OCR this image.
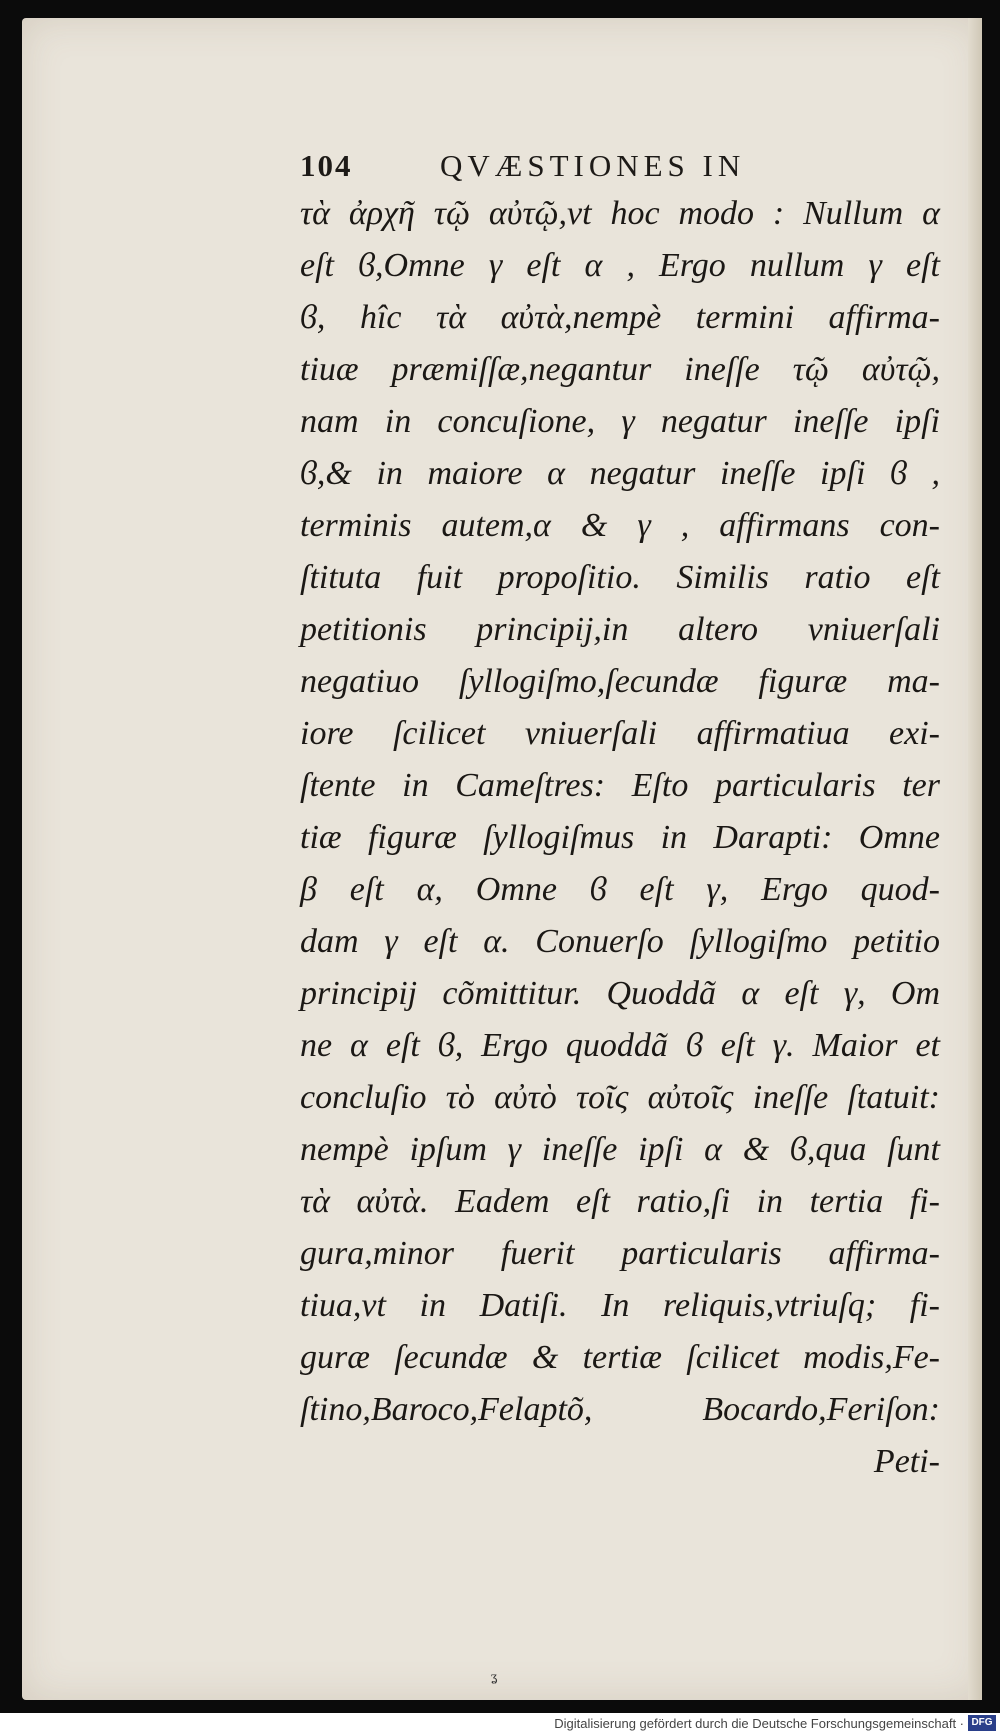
104	QVÆSTIONES IN
τὰ ἀρχῆ τῷ αὐτῷ,vt hoc modo : Nullum α
eſt ϐ,Omne γ eſt α , Ergo nullum γ eſt
ϐ, hîc τὰ αὐτὰ,nempè termini affirma-
tiuæ præmiſſæ,negantur ineſſe τῷ αὐτῷ,
nam in concuſione, γ negatur ineſſe ipſi
ϐ,& in maiore α negatur ineſſe ipſi ϐ ,
terminis autem,α & γ , affirmans con-
ſtituta fuit propoſitio. Similis ratio eſt
petitionis principij,in altero vniuerſali
negatiuo ſyllogiſmo,ſecundæ figuræ ma-
iore ſcilicet vniuerſali affirmatiua exi-
ſtente in Cameſtres: Eſto particularis ter
tiæ figuræ ſyllogiſmus in Darapti: Omne
β eſt α, Omne ϐ eſt γ, Ergo quod-
dam γ eſt α. Conuerſo ſyllogiſmo petitio
principij cõmittitur. Quoddã α eſt γ, Om
ne α eſt ϐ, Ergo quoddã ϐ eſt γ. Maior et
concluſio τὸ αὐτὸ τοῖς αὐτοῖς ineſſe ſtatuit:
nempè ipſum γ ineſſe ipſi α & ϐ,qua ſunt
τὰ αὐτὰ. Eadem eſt ratio,ſi in tertia fi-
gura,minor fuerit particularis affirma-
tiua,vt in Datiſi. In reliquis,vtriuſq; fi-
guræ ſecundæ & tertiæ ſcilicet modis,Fe-
ſtino,Baroco,Felaptõ, Bocardo,Feriſon:
Peti-
ʓ
Digitalisierung gefördert durch die Deutsche Forschungsgemeinschaft · DFG
